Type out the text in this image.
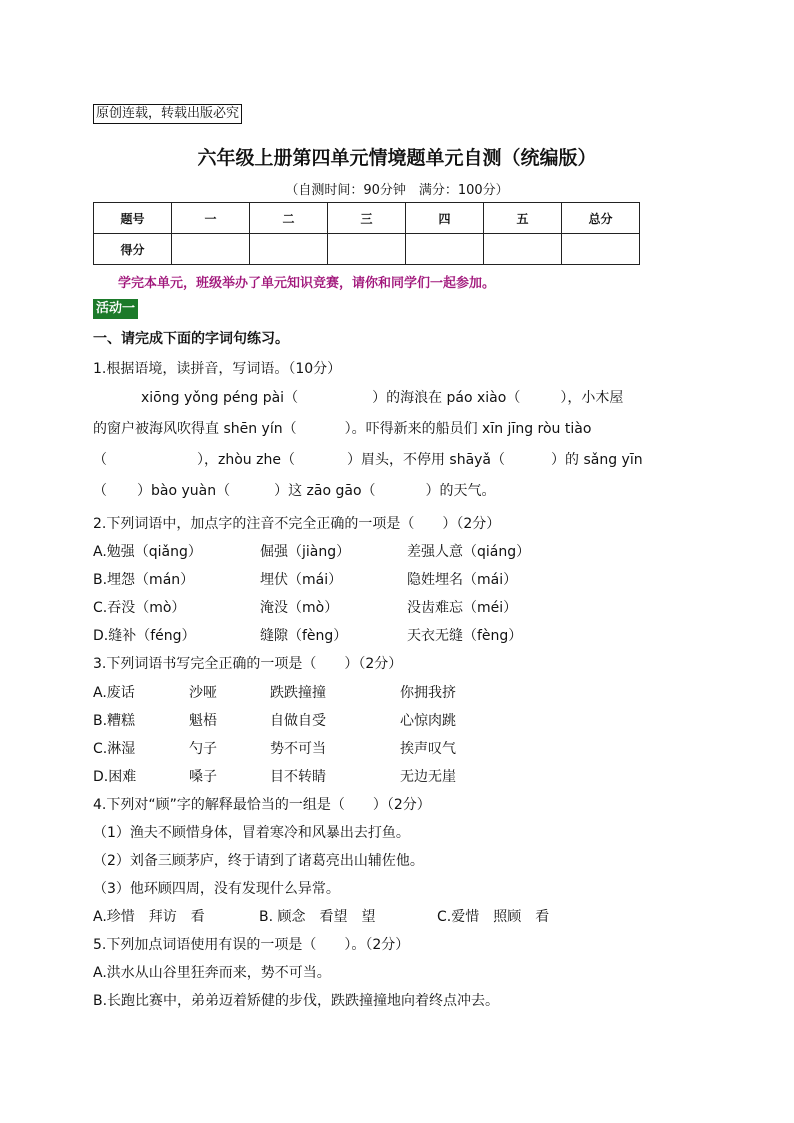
原创连载，转载出版必究
六年级上册第四单元情境题单元自测（统编版）
（自测时间：90分钟　满分：100分）
题号	一	二	三	四	五	总分
得分						
学完本单元，班级举办了单元知识竞赛，请你和同学们一起参加。
活动一
一、请完成下面的字词句练习。
1.根据语境，读拼音，写词语。（10分）
xiōng yǒng péng pài（	）的海浪在 páo xiào（	），小木屋
的窗户被海风吹得直 shēn yín（	）。吓得新来的船员们 xīn jīng ròu tiào
（	），zhòu zhe（	）眉头，不停用 shāyǎ（	）的 sǎng yīn
（ ）bào yuàn（	）这 zāo gāo（	）的天气。
2.下列词语中，加点字的注音不完全正确的一项是（　　）（2分）
A.勉强（qiǎng）	倔强（jiàng）	差强人意（qiáng）
B.埋怨（mán）	埋伏（mái）	隐姓埋名（mái）
C.吞没（mò）	淹没（mò）	没齿难忘（méi）
D.缝补（féng）	缝隙（fèng）	天衣无缝（fèng）
3.下列词语书写完全正确的一项是（　　）（2分）
A.废话	沙哑	跌跌撞撞	你拥我挤
B.糟糕	魁梧	自做自受	心惊肉跳
C.淋湿	勺子	势不可当	挨声叹气
D.困难	嗓子	目不转睛	无边无崖
4.下列对“顾”字的解释最恰当的一组是（　　）（2分）
（1）渔夫不顾惜身体，冒着寒冷和风暴出去打鱼。
（2）刘备三顾茅庐，终于请到了诸葛亮出山辅佐他。
（3）他环顾四周，没有发现什么异常。
A.珍惜　拜访　看	B. 顾念　看望　望	C.爱惜　照顾　看
5.下列加点词语使用有误的一项是（　　）。（2分）
A.洪水从山谷里狂奔而来，势不可当。
B.长跑比赛中，弟弟迈着矫健的步伐，跌跌撞撞地向着终点冲去。
